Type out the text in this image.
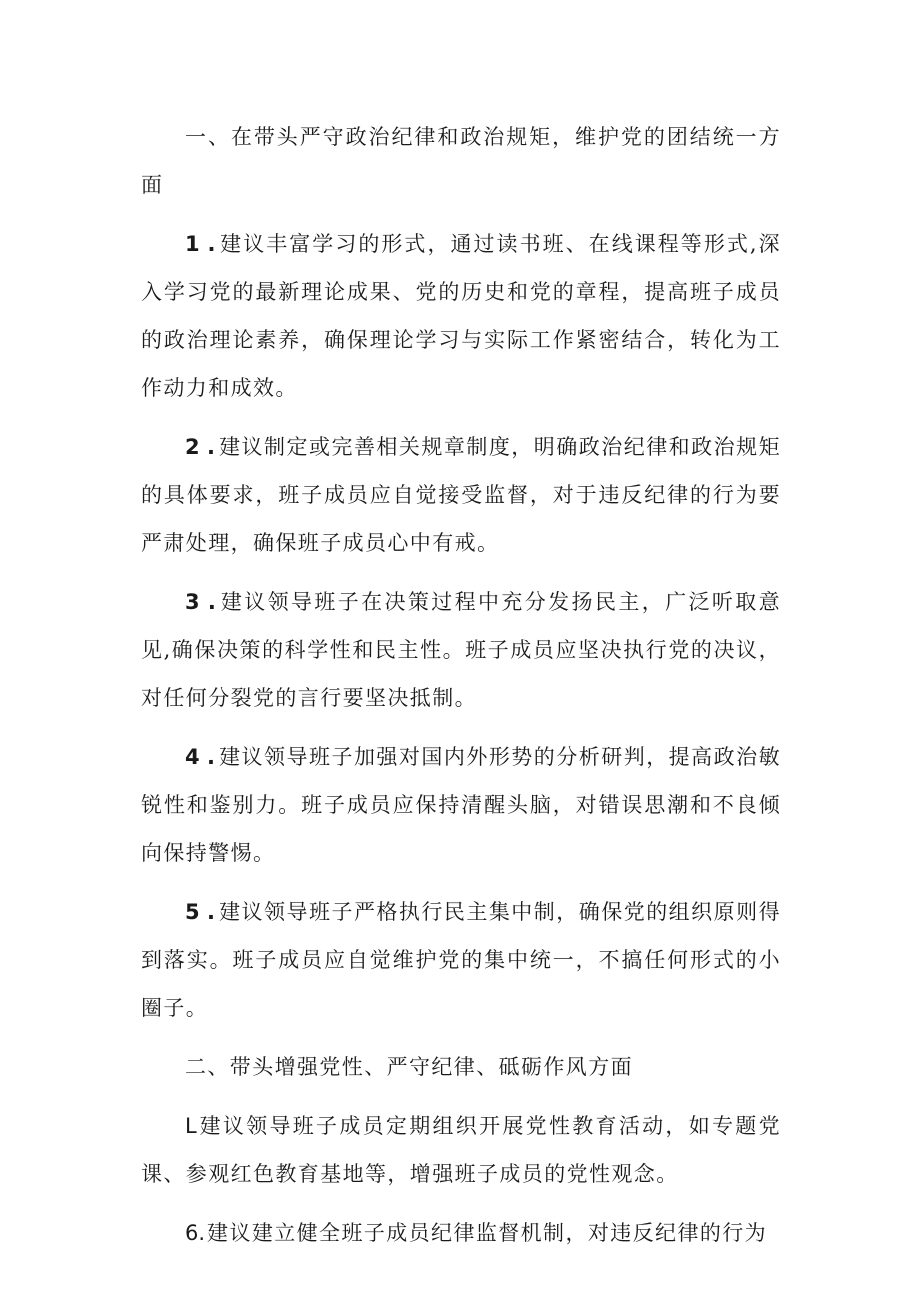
一、在带头严守政治纪律和政治规矩，维护党的团结统一方面

1 . 建议丰富学习的形式，通过读书班、在线课程等形式,深入学习党的最新理论成果、党的历史和党的章程，提高班子成员的政治理论素养，确保理论学习与实际工作紧密结合，转化为工作动力和成效。

2 . 建议制定或完善相关规章制度，明确政治纪律和政治规矩的具体要求，班子成员应自觉接受监督，对于违反纪律的行为要严肃处理，确保班子成员心中有戒。

3 . 建议领导班子在决策过程中充分发扬民主，广泛听取意见,确保决策的科学性和民主性。班子成员应坚决执行党的决议，对任何分裂党的言行要坚决抵制。

4 . 建议领导班子加强对国内外形势的分析研判，提高政治敏锐性和鉴别力。班子成员应保持清醒头脑，对错误思潮和不良倾向保持警惕。

5 . 建议领导班子严格执行民主集中制，确保党的组织原则得到落实。班子成员应自觉维护党的集中统一，不搞任何形式的小圈子。

二、带头增强党性、严守纪律、砥砺作风方面

L建议领导班子成员定期组织开展党性教育活动，如专题党课、参观红色教育基地等，增强班子成员的党性观念。

6.建议建立健全班子成员纪律监督机制，对违反纪律的行为
